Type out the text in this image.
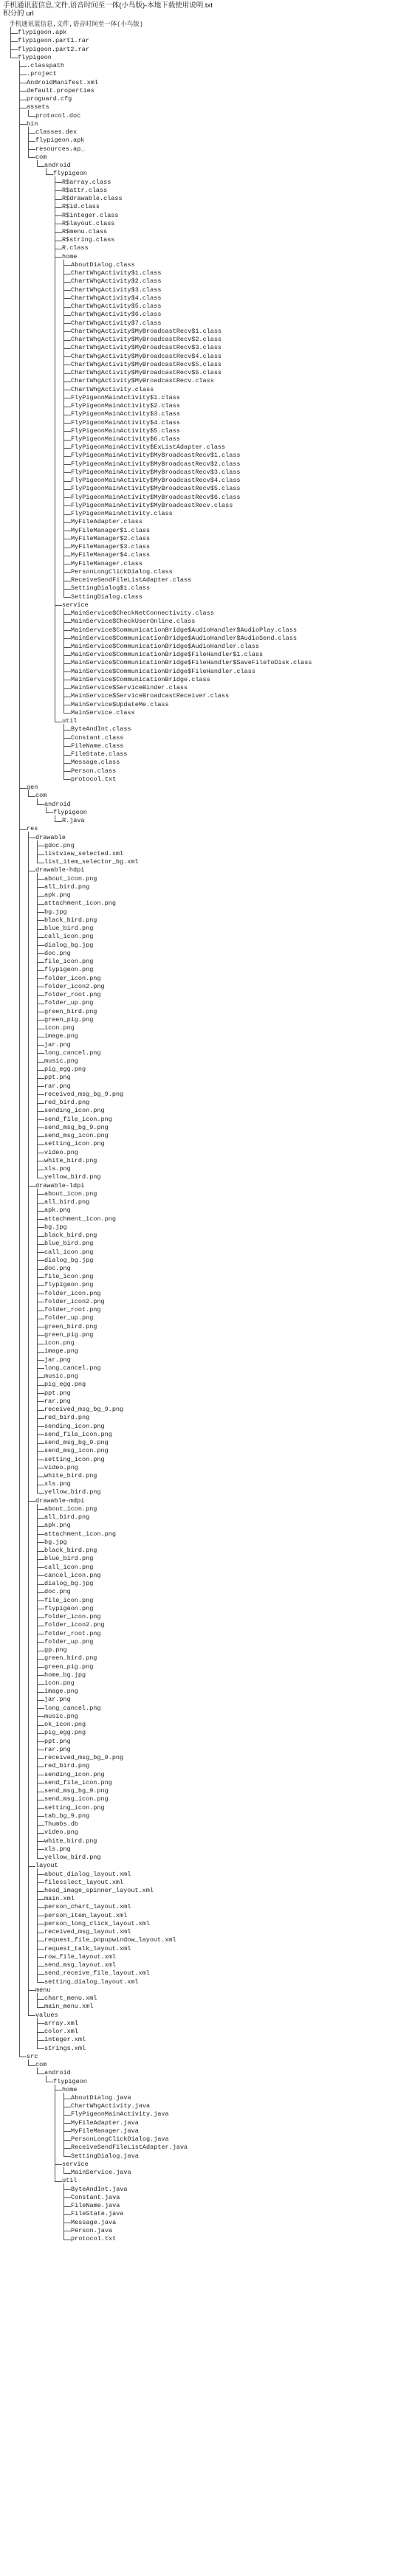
手机通讯蓝信息,文件,语音时间至一体(小鸟版)-本地下载使用说明.txt
积分的 url
手机通讯蓝信息,文件,语音时间至一体(小鸟版)
flypigeon.apk
flypigeon.part1.rar
flypigeon.part2.rar
flypigeon
.classpath
.project
AndroidManifest.xml
default.properties
proguard.cfg
assets
protocol.doc
bin
classes.dex
flypigeon.apk
resources.ap_
com
android
flypigeon
R$array.class
R$attr.class
R$drawable.class
R$id.class
R$integer.class
R$layout.class
R$menu.class
R$string.class
R.class
home
AboutDialog.class
ChartWhgActivity$1.class
ChartWhgActivity$2.class
ChartWhgActivity$3.class
ChartWhgActivity$4.class
ChartWhgActivity$5.class
ChartWhgActivity$6.class
ChartWhgActivity$7.class
ChartWhgActivity$MyBroadcastRecv$1.class
ChartWhgActivity$MyBroadcastRecv$2.class
ChartWhgActivity$MyBroadcastRecv$3.class
ChartWhgActivity$MyBroadcastRecv$4.class
ChartWhgActivity$MyBroadcastRecv$5.class
ChartWhgActivity$MyBroadcastRecv$6.class
ChartWhgActivity$MyBroadcastRecv.class
ChartWhgActivity.class
FlyPigeonMainActivity$1.class
FlyPigeonMainActivity$2.class
FlyPigeonMainActivity$3.class
FlyPigeonMainActivity$4.class
FlyPigeonMainActivity$5.class
FlyPigeonMainActivity$6.class
FlyPigeonMainActivity$ExListAdapter.class
FlyPigeonMainActivity$MyBroadcastRecv$1.class
FlyPigeonMainActivity$MyBroadcastRecv$2.class
FlyPigeonMainActivity$MyBroadcastRecv$3.class
FlyPigeonMainActivity$MyBroadcastRecv$4.class
FlyPigeonMainActivity$MyBroadcastRecv$5.class
FlyPigeonMainActivity$MyBroadcastRecv$6.class
FlyPigeonMainActivity$MyBroadcastRecv.class
FlyPigeonMainActivity.class
MyFileAdapter.class
MyFileManager$1.class
MyFileManager$2.class
MyFileManager$3.class
MyFileManager$4.class
MyFileManager.class
PersonLongClickDialog.class
ReceiveSendFileListAdapter.class
SettingDialog$1.class
SettingDialog.class
service
MainService$CheckNetConnectivity.class
MainService$CheckUserOnline.class
MainService$CommunicationBridge$AudioHandler$AudioPlay.class
MainService$CommunicationBridge$AudioHandler$AudioSend.class
MainService$CommunicationBridge$AudioHandler.class
MainService$CommunicationBridge$FileHandler$1.class
MainService$CommunicationBridge$FileHandler$SaveFileToDisk.class
MainService$CommunicationBridge$FileHandler.class
MainService$CommunicationBridge.class
MainService$ServiceBinder.class
MainService$ServiceBroadcastReceiver.class
MainService$UpdateMe.class
MainService.class
util
ByteAndInt.class
Constant.class
FileName.class
FileState.class
Message.class
Person.class
protocol.txt
gen
com
android
flypigeon
R.java
res
drawable
gdoc.png
listview_selected.xml
list_item_selector_bg.xml
drawable-hdpi
about_icon.png
all_bird.png
apk.png
attachment_icon.png
bg.jpg
black_bird.png
blue_bird.png
call_icon.png
dialog_bg.jpg
doc.png
file_icon.png
flypigeon.png
folder_icon.png
folder_icon2.png
folder_root.png
folder_up.png
green_bird.png
green_pig.png
icon.png
image.png
jar.png
long_cancel.png
music.png
pig_egg.png
ppt.png
rar.png
received_msg_bg_9.png
red_bird.png
sending_icon.png
send_file_icon.png
send_msg_bg_9.png
send_msg_icon.png
setting_icon.png
video.png
white_bird.png
xls.png
yellow_bird.png
drawable-ldpi
about_icon.png
all_bird.png
apk.png
attachment_icon.png
bg.jpg
black_bird.png
blue_bird.png
call_icon.png
dialog_bg.jpg
doc.png
file_icon.png
flypigeon.png
folder_icon.png
folder_icon2.png
folder_root.png
folder_up.png
green_bird.png
green_pig.png
icon.png
image.png
jar.png
long_cancel.png
music.png
pig_egg.png
ppt.png
rar.png
received_msg_bg_9.png
red_bird.png
sending_icon.png
send_file_icon.png
send_msg_bg_9.png
send_msg_icon.png
setting_icon.png
video.png
white_bird.png
xls.png
yellow_bird.png
drawable-mdpi
about_icon.png
all_bird.png
apk.png
attachment_icon.png
bg.jpg
black_bird.png
blue_bird.png
call_icon.png
cancel_icon.png
dialog_bg.jpg
doc.png
file_icon.png
flypigeon.png
folder_icon.png
folder_icon2.png
folder_root.png
folder_up.png
gp.png
green_bird.png
green_pig.png
home_bg.jpg
icon.png
image.png
jar.png
long_cancel.png
music.png
ok_icon.png
pig_egg.png
ppt.png
rar.png
received_msg_bg_9.png
red_bird.png
sending_icon.png
send_file_icon.png
send_msg_bg_9.png
send_msg_icon.png
setting_icon.png
tab_bg_9.png
Thumbs.db
video.png
white_bird.png
xls.png
yellow_bird.png
layout
about_dialog_layout.xml
filesslect_layout.xml
head_image_spinner_layout.xml
main.xml
person_chart_layout.xml
person_item_layout.xml
person_long_click_layout.xml
received_msg_layout.xml
request_file_popupwindow_layout.xml
request_talk_layout.xml
row_file_layout.xml
send_msg_layout.xml
send_receive_file_layout.xml
setting_dialog_layout.xml
menu
chart_menu.xml
main_menu.xml
values
array.xml
color.xml
integer.xml
strings.xml
src
com
android
flypigeon
home
AboutDialog.java
ChartWhgActivity.java
FlyPigeonMainActivity.java
MyFileAdapter.java
MyFileManager.java
PersonLongClickDialog.java
ReceiveSendFileListAdapter.java
SettingDialog.java
service
MainService.java
util
ByteAndInt.java
Constant.java
FileName.java
FileState.java
Message.java
Person.java
protocol.txt
